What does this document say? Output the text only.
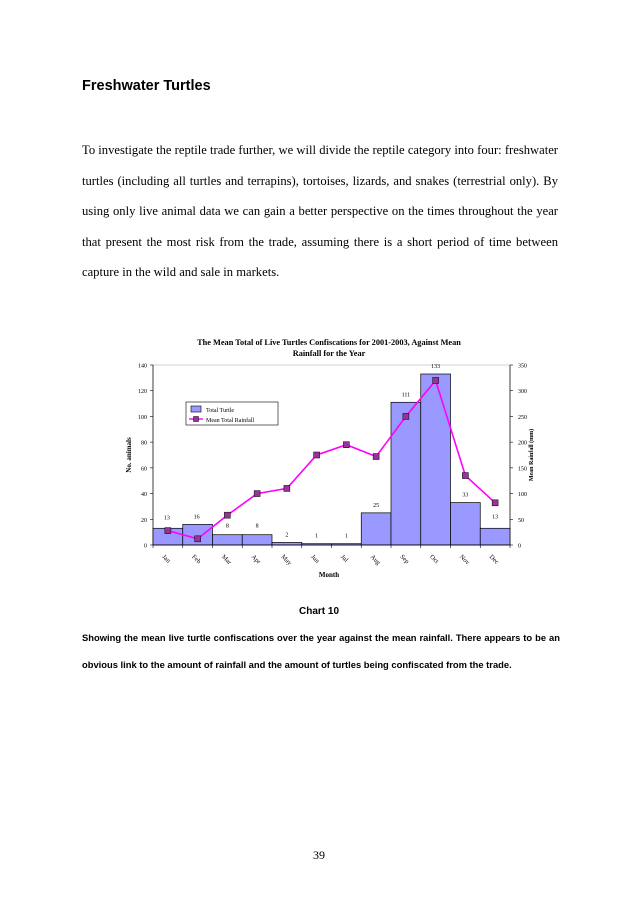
Freshwater Turtles

To investigate the reptile trade further, we will divide the reptile category into four: freshwater turtles (including all turtles and terrapins), tortoises, lizards, and snakes (terrestrial only). By using only live animal data we can gain a better perspective on the times throughout the year that present the most risk from the trade, assuming there is a short period of time between capture in the wild and sale in markets.

The Mean Total of Live Turtles Confiscations for 2001-2003, Against Mean
Rainfall for the Year
0
20
40
60
80
100
120
140
0
50
100
150
200
250
300
350
13	16
8	8
2	1	1
25
111
133
33
13
Jan	Feb	Mar	Apr	May	Jun	Jul	Aug	Sep	Oct	Nov	Dec
Month
No. animals	Mean Rainfall (mm)
Total Turtle
Mean Total Rainfall
Chart 10

Showing the mean live turtle confiscations over the year against the mean rainfall. There appears to be an obvious link to the amount of rainfall and the amount of turtles being confiscated from the trade.

39
